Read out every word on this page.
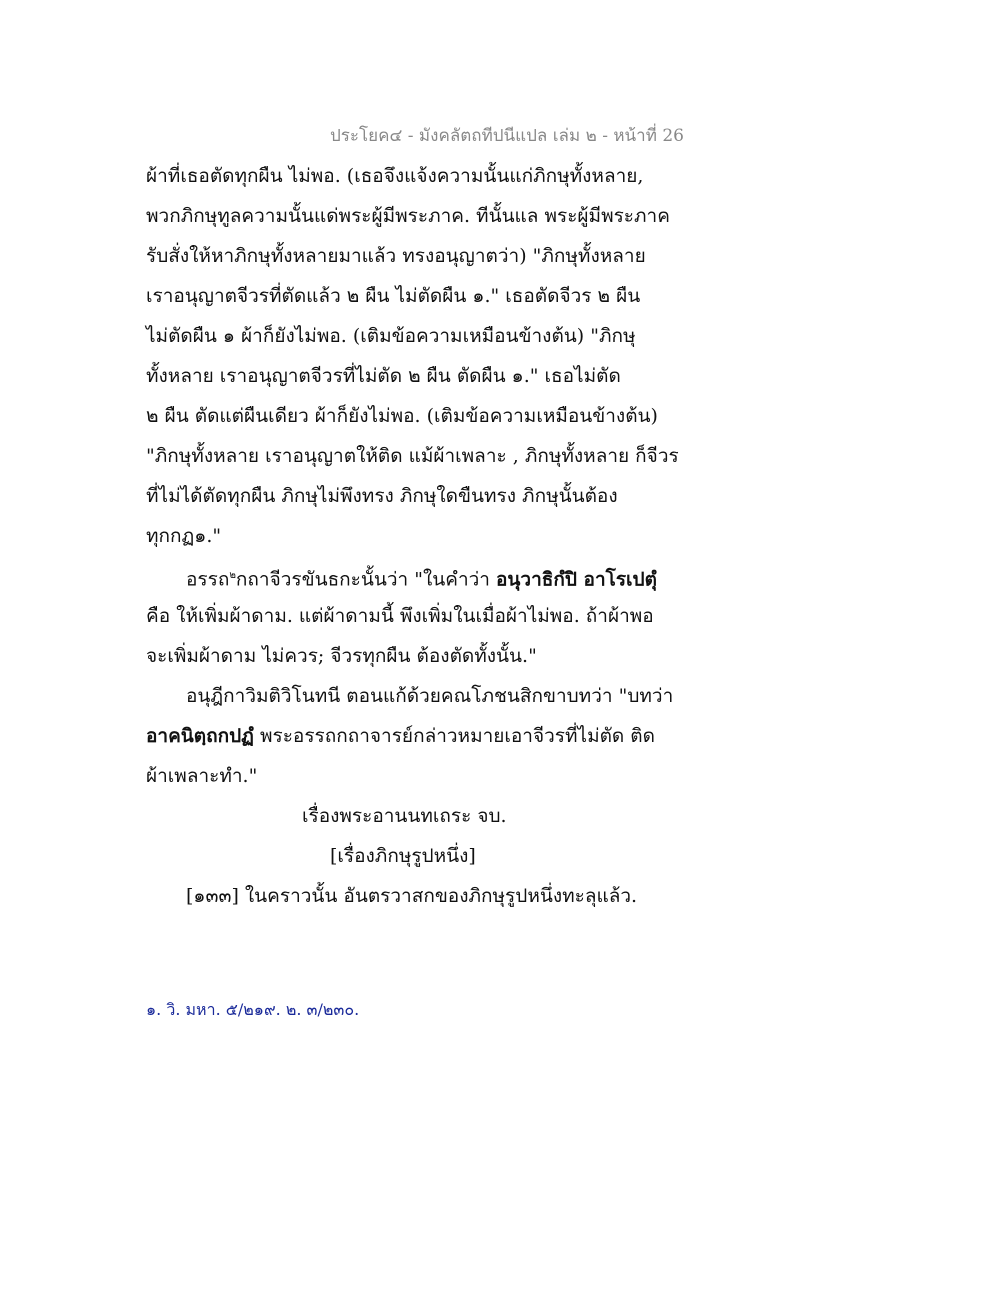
ประโยค๔ - มังคลัตถทีปนีแปล เล่ม ๒ - หน้าที่ 26
ผ้าที่เธอตัดทุกผืน ไม่พอ. (เธอจึงแจ้งความนั้นแก่ภิกษุทั้งหลาย,
พวกภิกษุทูลความนั้นแด่พระผู้มีพระภาค. ทีนั้นแล พระผู้มีพระภาค
รับสั่งให้หาภิกษุทั้งหลายมาแล้ว ทรงอนุญาตว่า) "ภิกษุทั้งหลาย
เราอนุญาตจีวรที่ตัดแล้ว ๒ ผืน ไม่ตัดผืน ๑." เธอตัดจีวร ๒ ผืน
ไม่ตัดผืน ๑ ผ้าก็ยังไม่พอ. (เติมข้อความเหมือนข้างต้น) "ภิกษุ
ทั้งหลาย เราอนุญาตจีวรที่ไม่ตัด ๒ ผืน ตัดผืน ๑." เธอไม่ตัด
๒ ผืน ตัดแต่ผืนเดียว ผ้าก็ยังไม่พอ. (เติมข้อความเหมือนข้างต้น)
"ภิกษุทั้งหลาย เราอนุญาตให้ติด แม้ผ้าเพลาะ , ภิกษุทั้งหลาย ก็จีวร
ที่ไม่ได้ตัดทุกผืน ภิกษุไม่พึงทรง ภิกษุใดขืนทรง ภิกษุนั้นต้อง
ทุกกฏ๑."
อรรถ$^๒$กถาจีวรขันธกะนั้นว่า "ในคำว่า อนุวาธิกํปิ อาโรเปตุํ
คือ ให้เพิ่มผ้าดาม. แต่ผ้าดามนี้ พึงเพิ่มในเมื่อผ้าไม่พอ. ถ้าผ้าพอ
จะเพิ่มผ้าดาม ไม่ควร; จีวรทุกผืน ต้องตัดทั้งนั้น."
อนุฎีกาวิมติวิโนทนี ตอนแก้ด้วยคณโภชนสิกขาบทว่า "บทว่า
อาคนิตฺถกปฏํ พระอรรถกถาจารย์กล่าวหมายเอาจีวรที่ไม่ตัด ติด
ผ้าเพลาะทำ."
เรื่องพระอานนทเถระ จบ.
[เรื่องภิกษุรูปหนึ่ง]
[๑๓๓] ในคราวนั้น อันตรวาสกของภิกษุรูปหนึ่งทะลุแล้ว.
๑. วิ. มหา. ๕/๒๑๙. ๒. ๓/๒๓๐.
